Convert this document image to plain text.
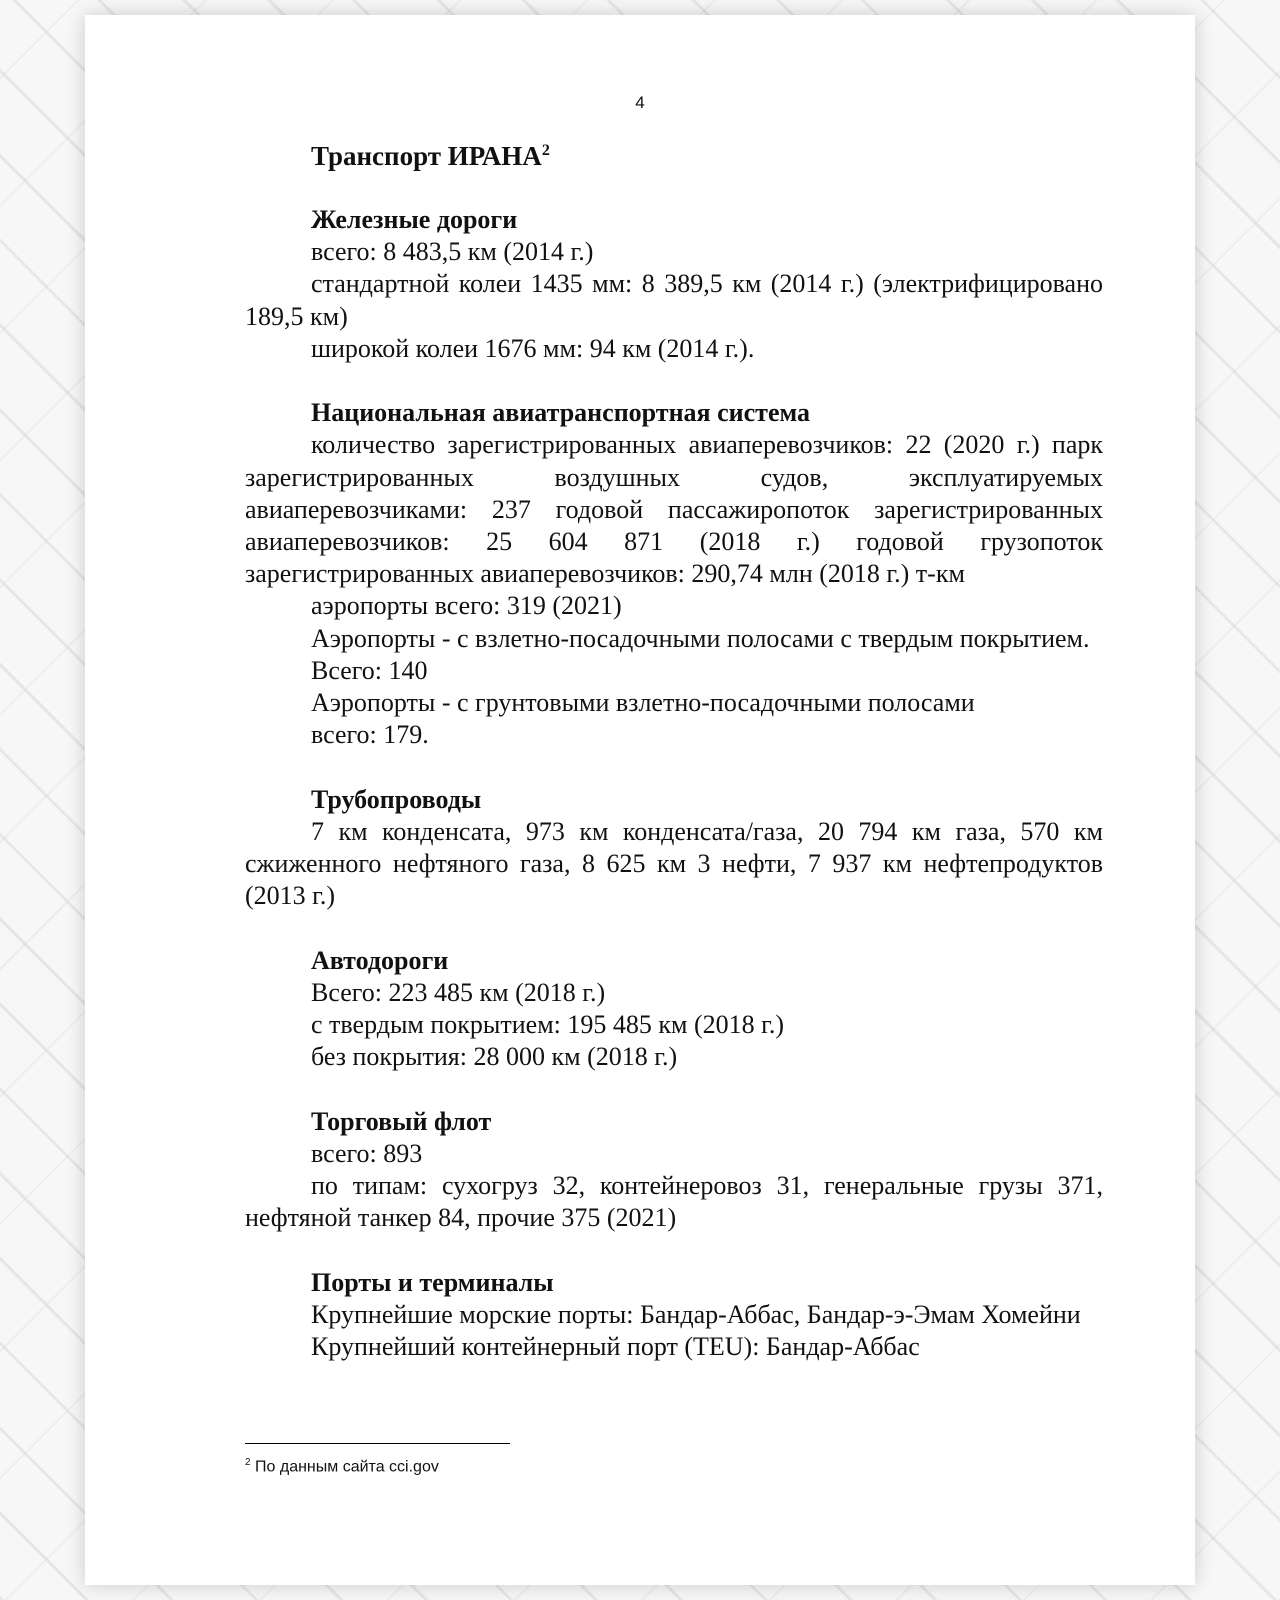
4
Транспорт ИРАНА$^2$
Железные дороги

всего: 8 483,5 км (2014 г.)

стандартной колеи 1435 мм: 8 389,5 км (2014 г.) (электрифицировано 189,5 км)

широкой колеи 1676 мм: 94 км (2014 г.).

Национальная авиатранспортная система

количество зарегистрированных авиаперевозчиков: 22 (2020 г.) парк зарегистрированных воздушных судов, эксплуатируемых авиаперевозчиками: 237 годовой пассажиропоток зарегистрированных авиаперевозчиков: 25 604 871 (2018 г.) годовой грузопоток зарегистрированных авиаперевозчиков: 290,74 млн (2018 г.) т-км

аэропорты всего: 319 (2021)

Аэропорты - с взлетно-посадочными полосами с твердым покрытием.

Всего: 140

Аэропорты - с грунтовыми взлетно-посадочными полосами

всего: 179.

Трубопроводы

7 км конденсата, 973 км конденсата/газа, 20 794 км газа, 570 км сжиженного нефтяного газа, 8 625 км 3 нефти, 7 937 км нефтепродуктов (2013 г.)

Автодороги

Всего: 223 485 км (2018 г.)

с твердым покрытием: 195 485 км (2018 г.)

без покрытия: 28 000 км (2018 г.)

Торговый флот

всего: 893

по типам: сухогруз 32, контейнеровоз 31, генеральные грузы 371, нефтяной танкер 84, прочие 375 (2021)

Порты и терминалы

Крупнейшие морские порты: Бандар-Аббас, Бандар-э-Эмам Хомейни

Крупнейший контейнерный порт (TEU): Бандар-Аббас

$^2$ По данным сайта cci.gov
